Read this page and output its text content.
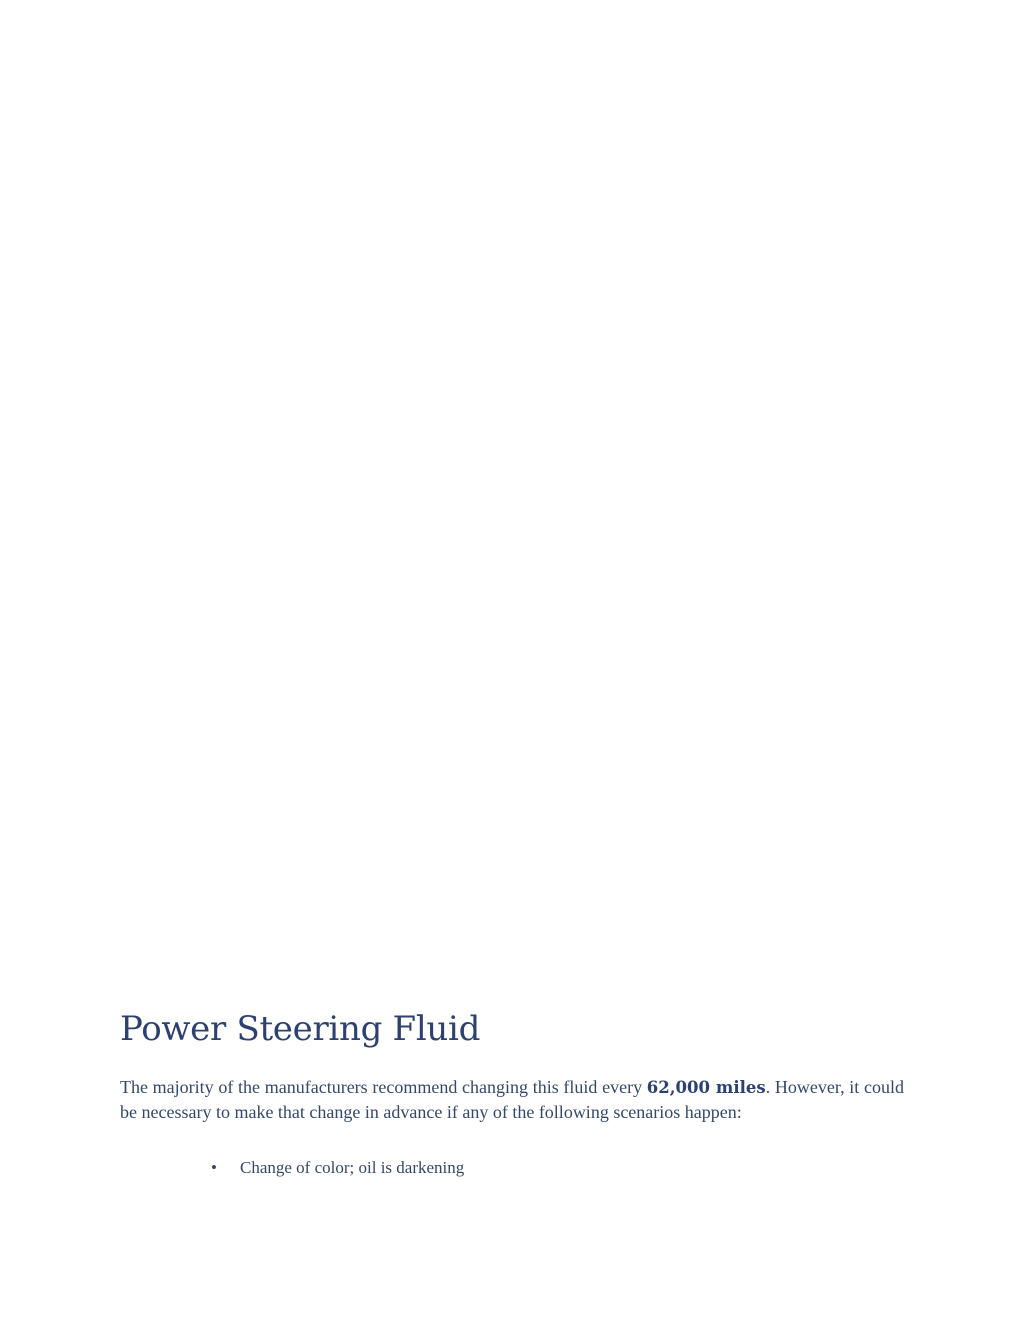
Power Steering Fluid

The majority of the manufacturers recommend changing this fluid every 62,000 miles. However, it could be necessary to make that change in advance if any of the following scenarios happen:

• Change of color; oil is darkening
